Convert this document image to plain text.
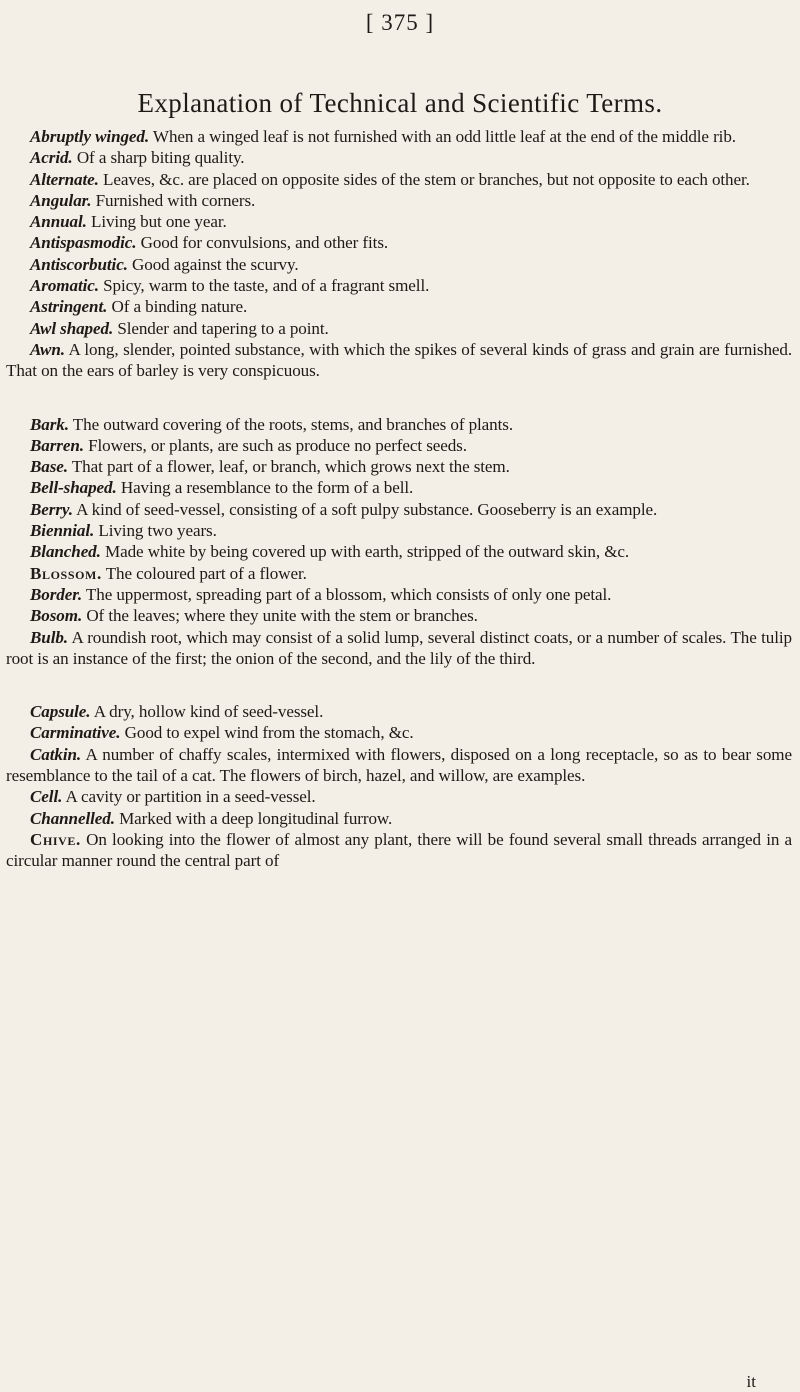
[ 375 ]
Explanation of Technical and Scientific Terms.

Abruptly winged. When a winged leaf is not furnished with an odd little leaf at the end of the middle rib.

Acrid. Of a sharp biting quality.

Alternate. Leaves, &c. are placed on opposite sides of the stem or branches, but not opposite to each other.

Angular. Furnished with corners.

Annual. Living but one year.

Antispasmodic. Good for convulsions, and other fits.

Antiscorbutic. Good against the scurvy.

Aromatic. Spicy, warm to the taste, and of a fragrant smell.

Astringent. Of a binding nature.

Awl shaped. Slender and tapering to a point.

Awn. A long, slender, pointed substance, with which the spikes of several kinds of grass and grain are furnished. That on the ears of barley is very conspicuous.

Bark. The outward covering of the roots, stems, and branches of plants.

Barren. Flowers, or plants, are such as produce no perfect seeds.

Base. That part of a flower, leaf, or branch, which grows next the stem.

Bell-shaped. Having a resemblance to the form of a bell.

Berry. A kind of seed-vessel, consisting of a soft pulpy substance. Gooseberry is an example.

Biennial. Living two years.

Blanched. Made white by being covered up with earth, stripped of the outward skin, &c.

Blossom. The coloured part of a flower.

Border. The uppermost, spreading part of a blossom, which consists of only one petal.

Bosom. Of the leaves; where they unite with the stem or branches.

Bulb. A roundish root, which may consist of a solid lump, several distinct coats, or a number of scales. The tulip root is an instance of the first; the onion of the second, and the lily of the third.

Capsule. A dry, hollow kind of seed-vessel.

Carminative. Good to expel wind from the stomach, &c.

Catkin. A number of chaffy scales, intermixed with flowers, disposed on a long receptacle, so as to bear some resemblance to the tail of a cat. The flowers of birch, hazel, and willow, are examples.

Cell. A cavity or partition in a seed-vessel.

Channelled. Marked with a deep longitudinal furrow.

Chive. On looking into the flower of almost any plant, there will be found several small threads arranged in a circular manner round the central part of

it
